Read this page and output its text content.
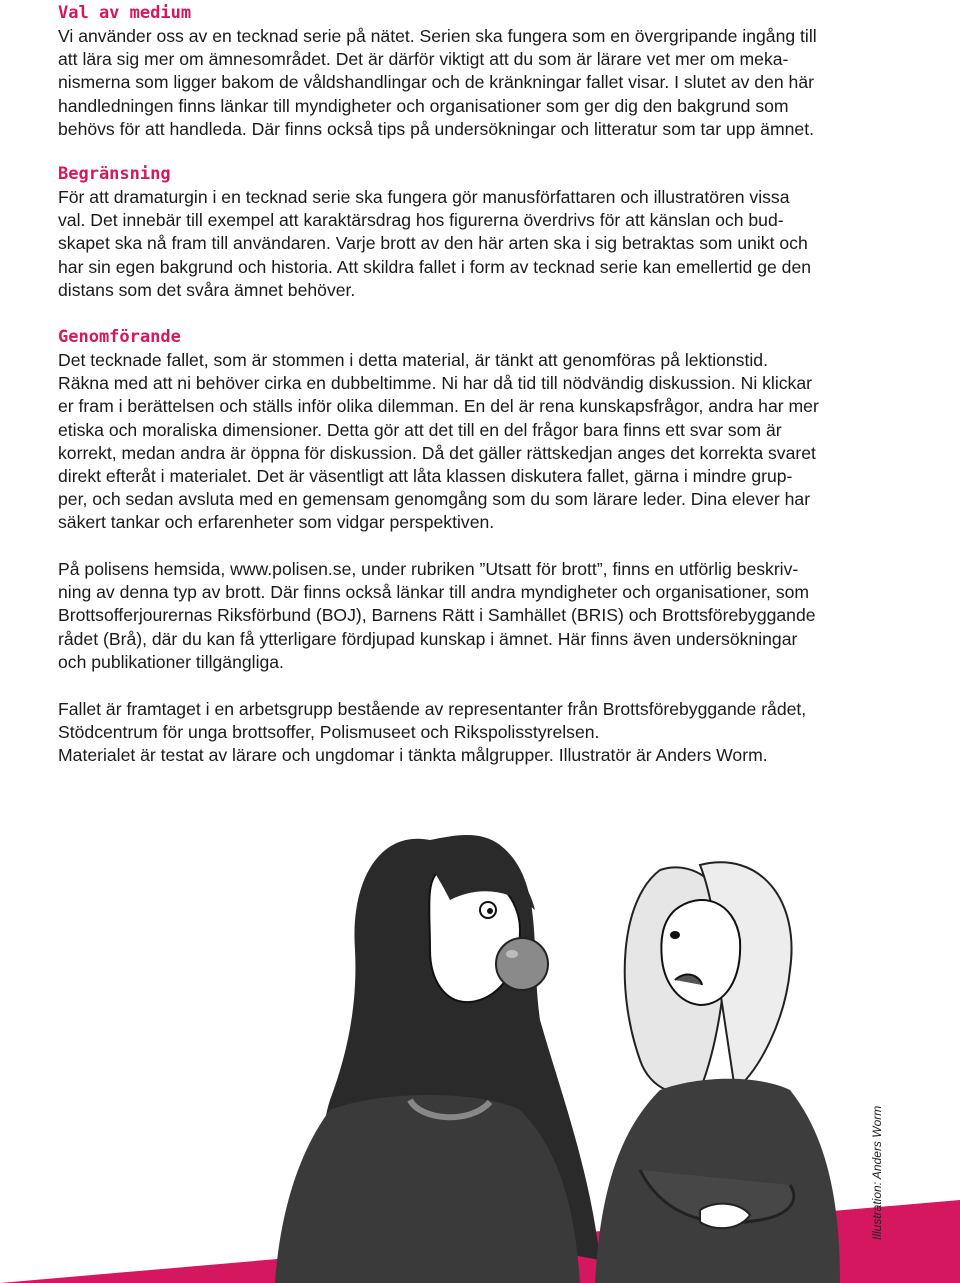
Val av medium

Vi använder oss av en tecknad serie på nätet. Serien ska fungera som en övergripande ingång till
att lära sig mer om ämnesområdet. Det är därför viktigt att du som är lärare vet mer om meka-
nismerna som ligger bakom de våldshandlingar och de kränkningar fallet visar. I slutet av den här
handledningen finns länkar till myndigheter och organisationer som ger dig den bakgrund som
behövs för att handleda. Där finns också tips på undersökningar och litteratur som tar upp ämnet.

Begränsning

För att dramaturgin i en tecknad serie ska fungera gör manusförfattaren och illustratören vissa
val. Det innebär till exempel att karaktärsdrag hos figurerna överdrivs för att känslan och bud-
skapet ska nå fram till användaren. Varje brott av den här arten ska i sig betraktas som unikt och
har sin egen bakgrund och historia. Att skildra fallet i form av tecknad serie kan emellertid ge den
distans som det svåra ämnet behöver.

Genomförande

Det tecknade fallet, som är stommen i detta material, är tänkt att genomföras på lektionstid.
Räkna med att ni behöver cirka en dubbeltimme. Ni har då tid till nödvändig diskussion. Ni klickar
er fram i berättelsen och ställs inför olika dilemman. En del är rena kunskapsfrågor, andra har mer
etiska och moraliska dimensioner. Detta gör att det till en del frågor bara finns ett svar som är
korrekt, medan andra är öppna för diskussion. Då det gäller rättskedjan anges det korrekta svaret
direkt efteråt i materialet. Det är väsentligt att låta klassen diskutera fallet, gärna i mindre grup-
per, och sedan avsluta med en gemensam genomgång som du som lärare leder. Dina elever har
säkert tankar och erfarenheter som vidgar perspektiven.

På polisens hemsida, www.polisen.se, under rubriken ”Utsatt för brott”, finns en utförlig beskriv-
ning av denna typ av brott. Där finns också länkar till andra myndigheter och organisationer, som
Brottsofferjourernas Riksförbund (BOJ), Barnens Rätt i Samhället (BRIS) och Brottsförebyggande
rådet (Brå), där du kan få ytterligare fördjupad kunskap i ämnet. Här finns även undersökningar
och publikationer tillgängliga.

Fallet är framtaget i en arbetsgrupp bestående av representanter från Brottsförebyggande rådet,
Stödcentrum för unga brottsoffer, Polismuseet och Rikspolisstyrelsen.
Materialet är testat av lärare och ungdomar i tänkta målgrupper. Illustratör är Anders Worm.

Illustration: Anders Worm
